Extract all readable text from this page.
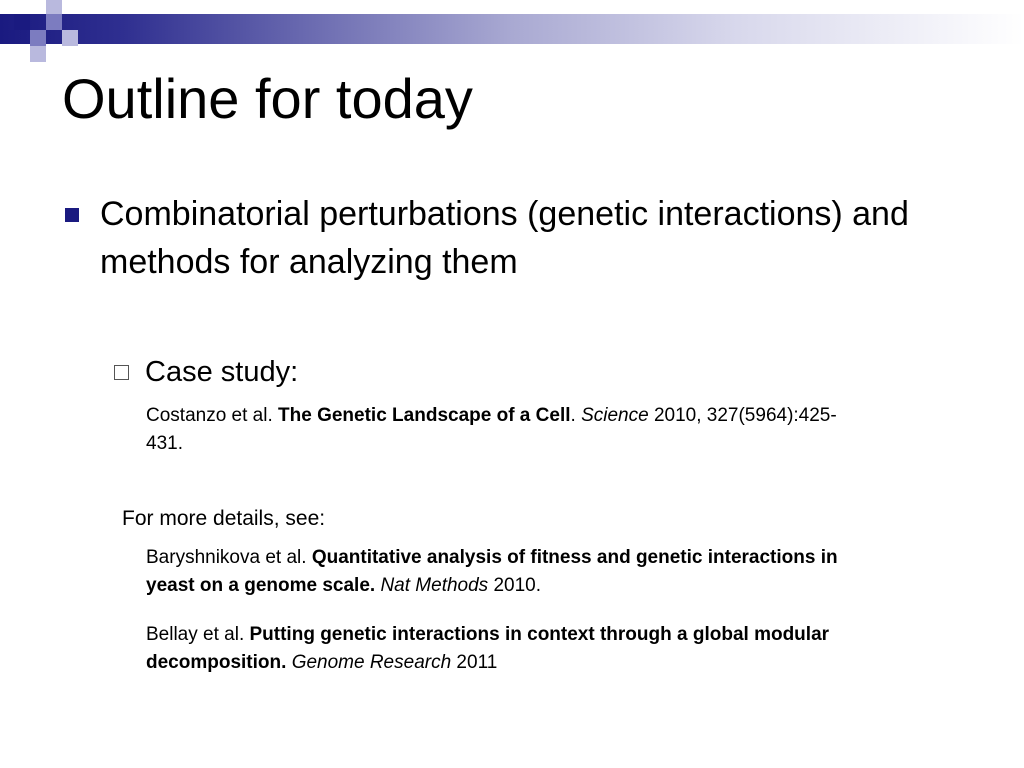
Outline for today
Combinatorial perturbations (genetic interactions) and methods for analyzing them
Case study:
Costanzo et al. The Genetic Landscape of a Cell. Science 2010, 327(5964):425-431.
For more details, see:
Baryshnikova et al. Quantitative analysis of fitness and genetic interactions in yeast on a genome scale. Nat Methods 2010.
Bellay et al. Putting genetic interactions in context through a global modular decomposition. Genome Research 2011
